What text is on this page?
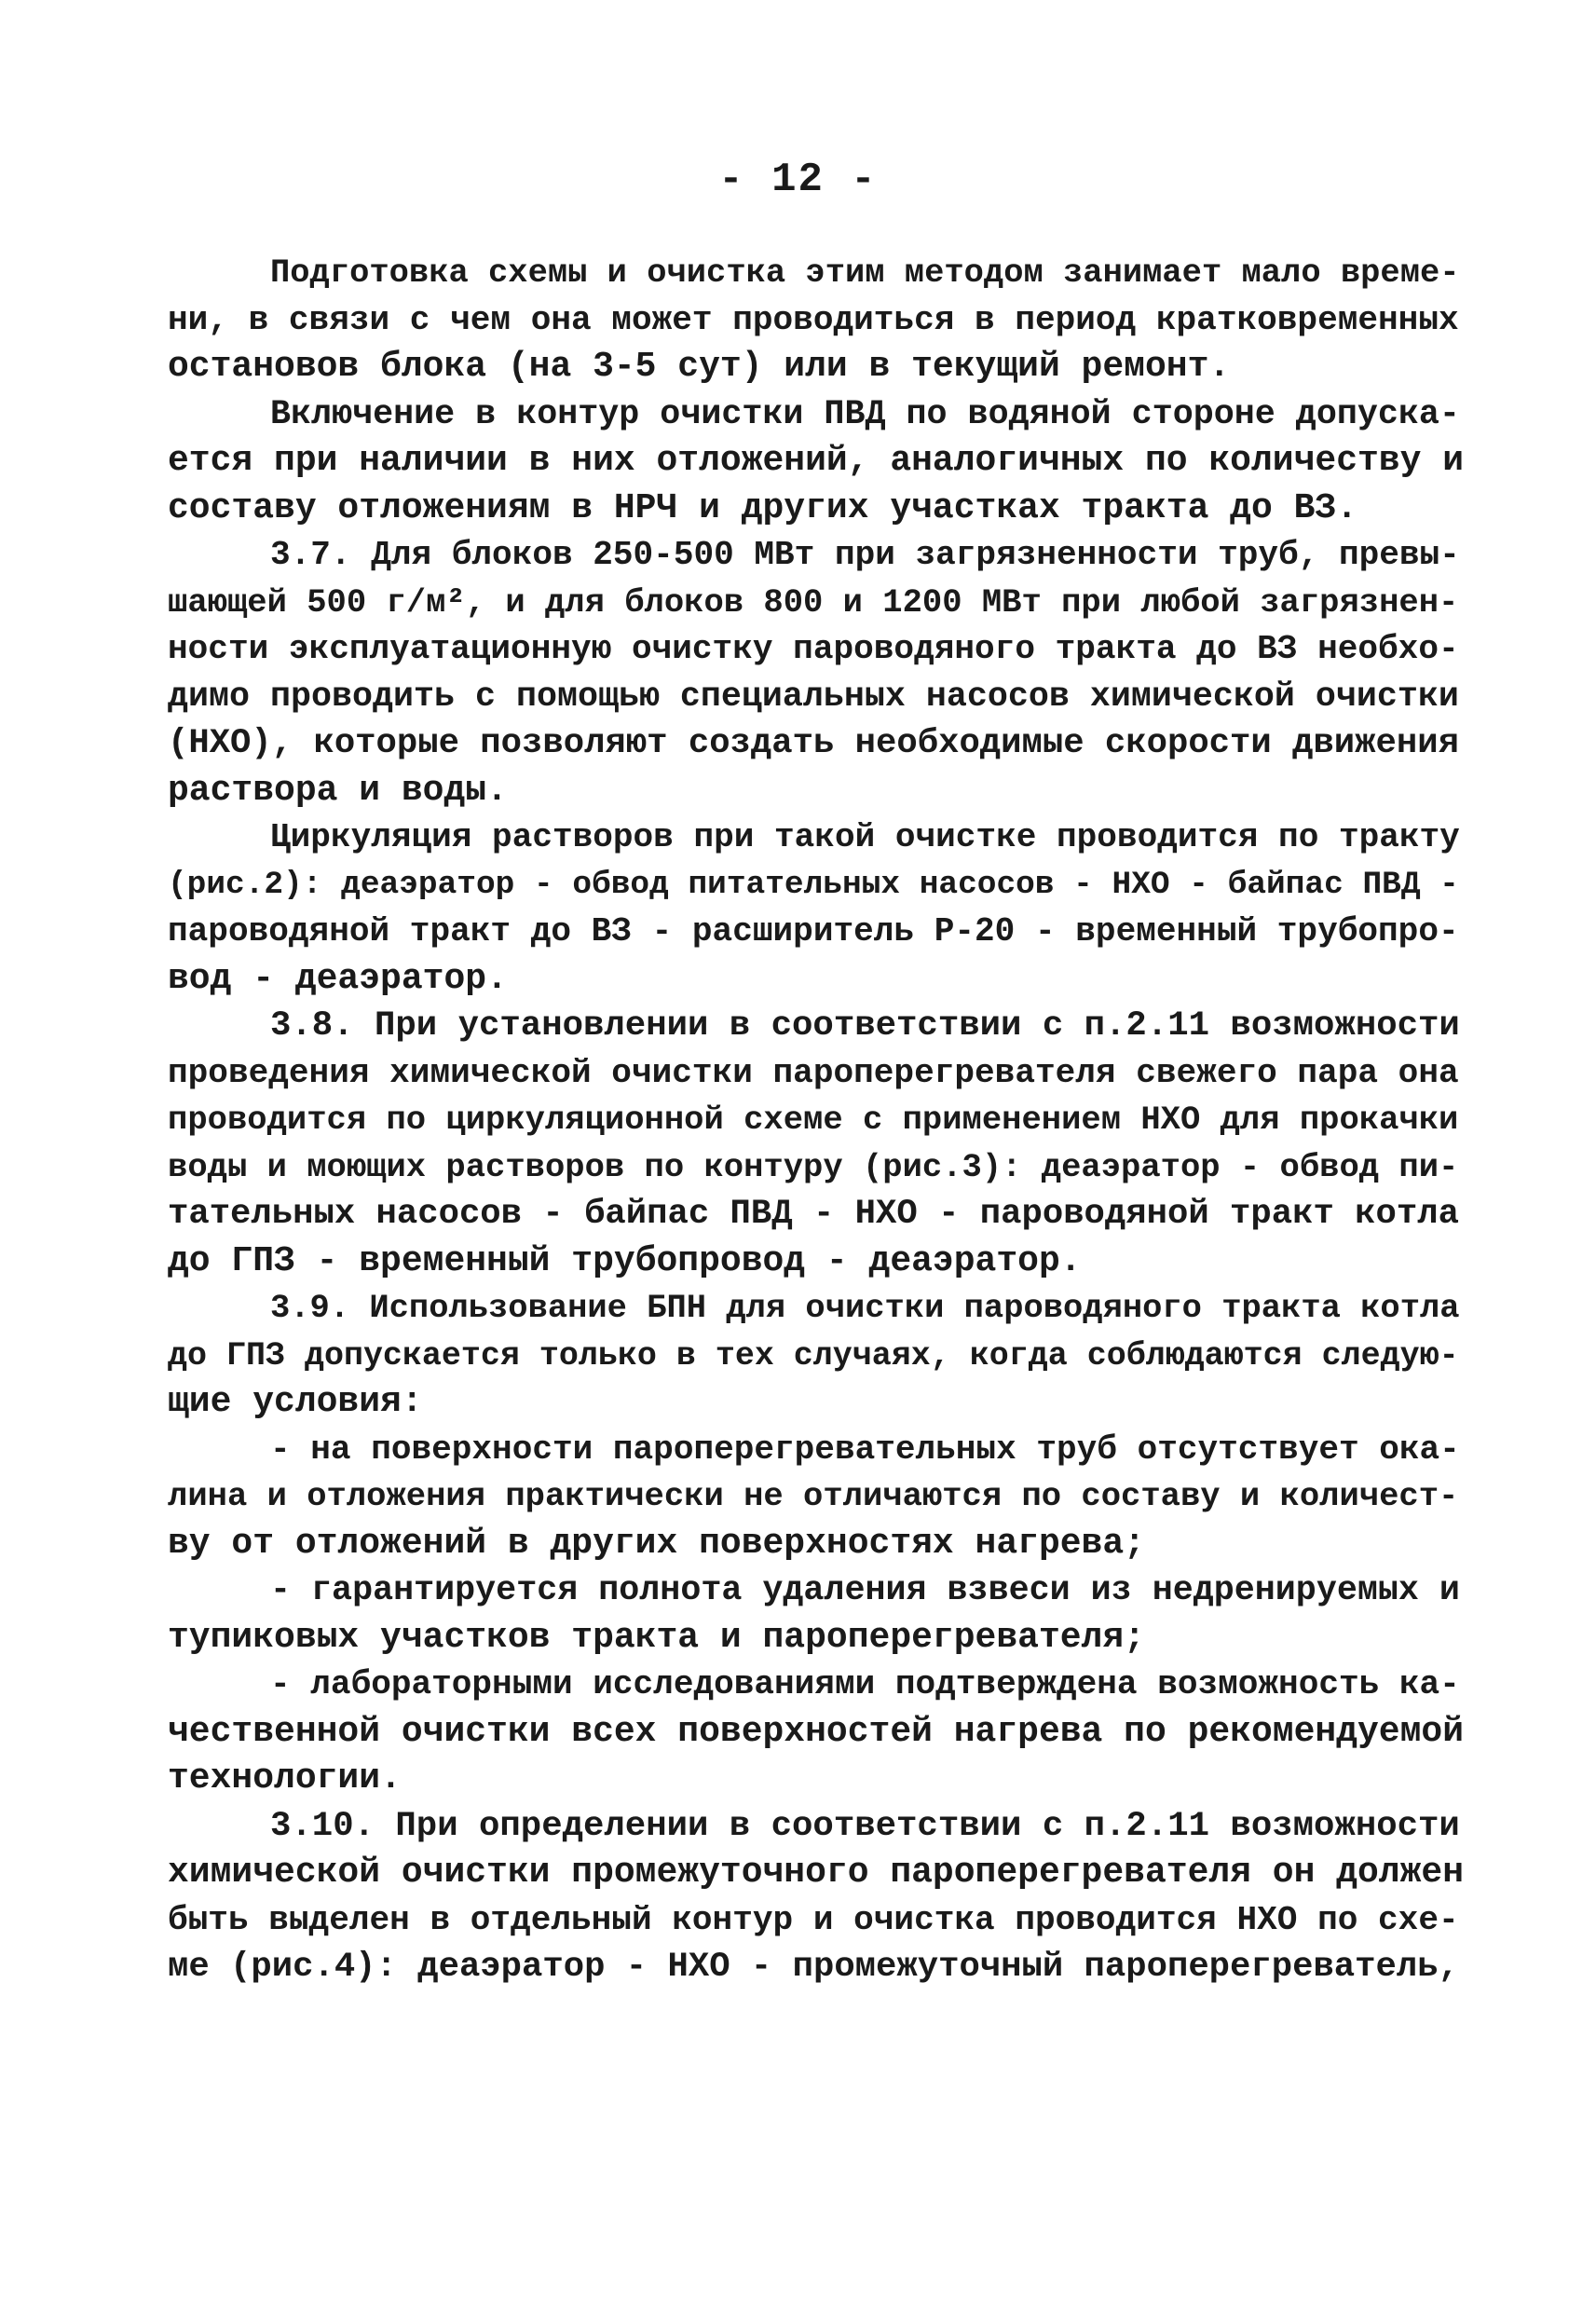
- 12 -
Подготовка схемы и очистка этим методом занимает мало време-
ни, в связи с чем она может проводиться в период кратковременных
остановов блока (на 3-5 сут) или в текущий ремонт.
Включение в контур очистки ПВД по водяной стороне допуска-
ется при наличии в них отложений, аналогичных по количеству и
составу отложениям в НРЧ и других участках тракта до ВЗ.
3.7. Для блоков 250-500 МВт при загрязненности труб, превы-
шающей 500 г/м², и для блоков 800 и 1200 МВт при любой загрязнен-
ности эксплуатационную очистку пароводяного тракта до ВЗ необхо-
димо проводить с помощью специальных насосов химической очистки
(НХО), которые позволяют создать необходимые скорости движения
раствора и воды.
Циркуляция растворов при такой очистке проводится по тракту
(рис.2): деаэратор - обвод питательных насосов - НХО - байпас ПВД -
пароводяной тракт до ВЗ - расширитель Р-20 - временный трубопро-
вод - деаэратор.
3.8. При установлении в соответствии с п.2.11 возможности
проведения химической очистки пароперегревателя свежего пара она
проводится по циркуляционной схеме с применением НХО для прокачки
воды и моющих растворов по контуру (рис.3): деаэратор - обвод пи-
тательных насосов - байпас ПВД - НХО - пароводяной тракт котла
до ГПЗ - временный трубопровод - деаэратор.
3.9. Использование БПН для очистки пароводяного тракта котла
до ГПЗ допускается только в тех случаях, когда соблюдаются следую-
щие условия:
- на поверхности пароперегревательных труб отсутствует ока-
лина и отложения практически не отличаются по составу и количест-
ву от отложений в других поверхностях нагрева;
- гарантируется полнота удаления взвеси из недренируемых и
тупиковых участков тракта и пароперегревателя;
- лабораторными исследованиями подтверждена возможность ка-
чественной очистки всех поверхностей нагрева по рекомендуемой
технологии.
3.10. При определении в соответствии с п.2.11 возможности
химической очистки промежуточного пароперегревателя он должен
быть выделен в отдельный контур и очистка проводится НХО по схе-
ме (рис.4): деаэратор - НХО - промежуточный пароперегреватель,
